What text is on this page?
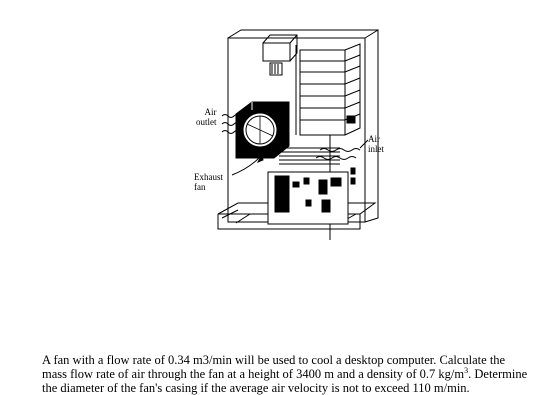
Air
outlet
Air
inlet
Exhaust
fan

A fan with a flow rate of 0.34 m3/min will be used to cool a desktop computer. Calculate the mass flow rate of air through the fan at a height of 3400 m and a density of 0.7 $kg/m^3$. Determine the diameter of the fan's casing if the average air velocity is not to exceed 110 m/min.
